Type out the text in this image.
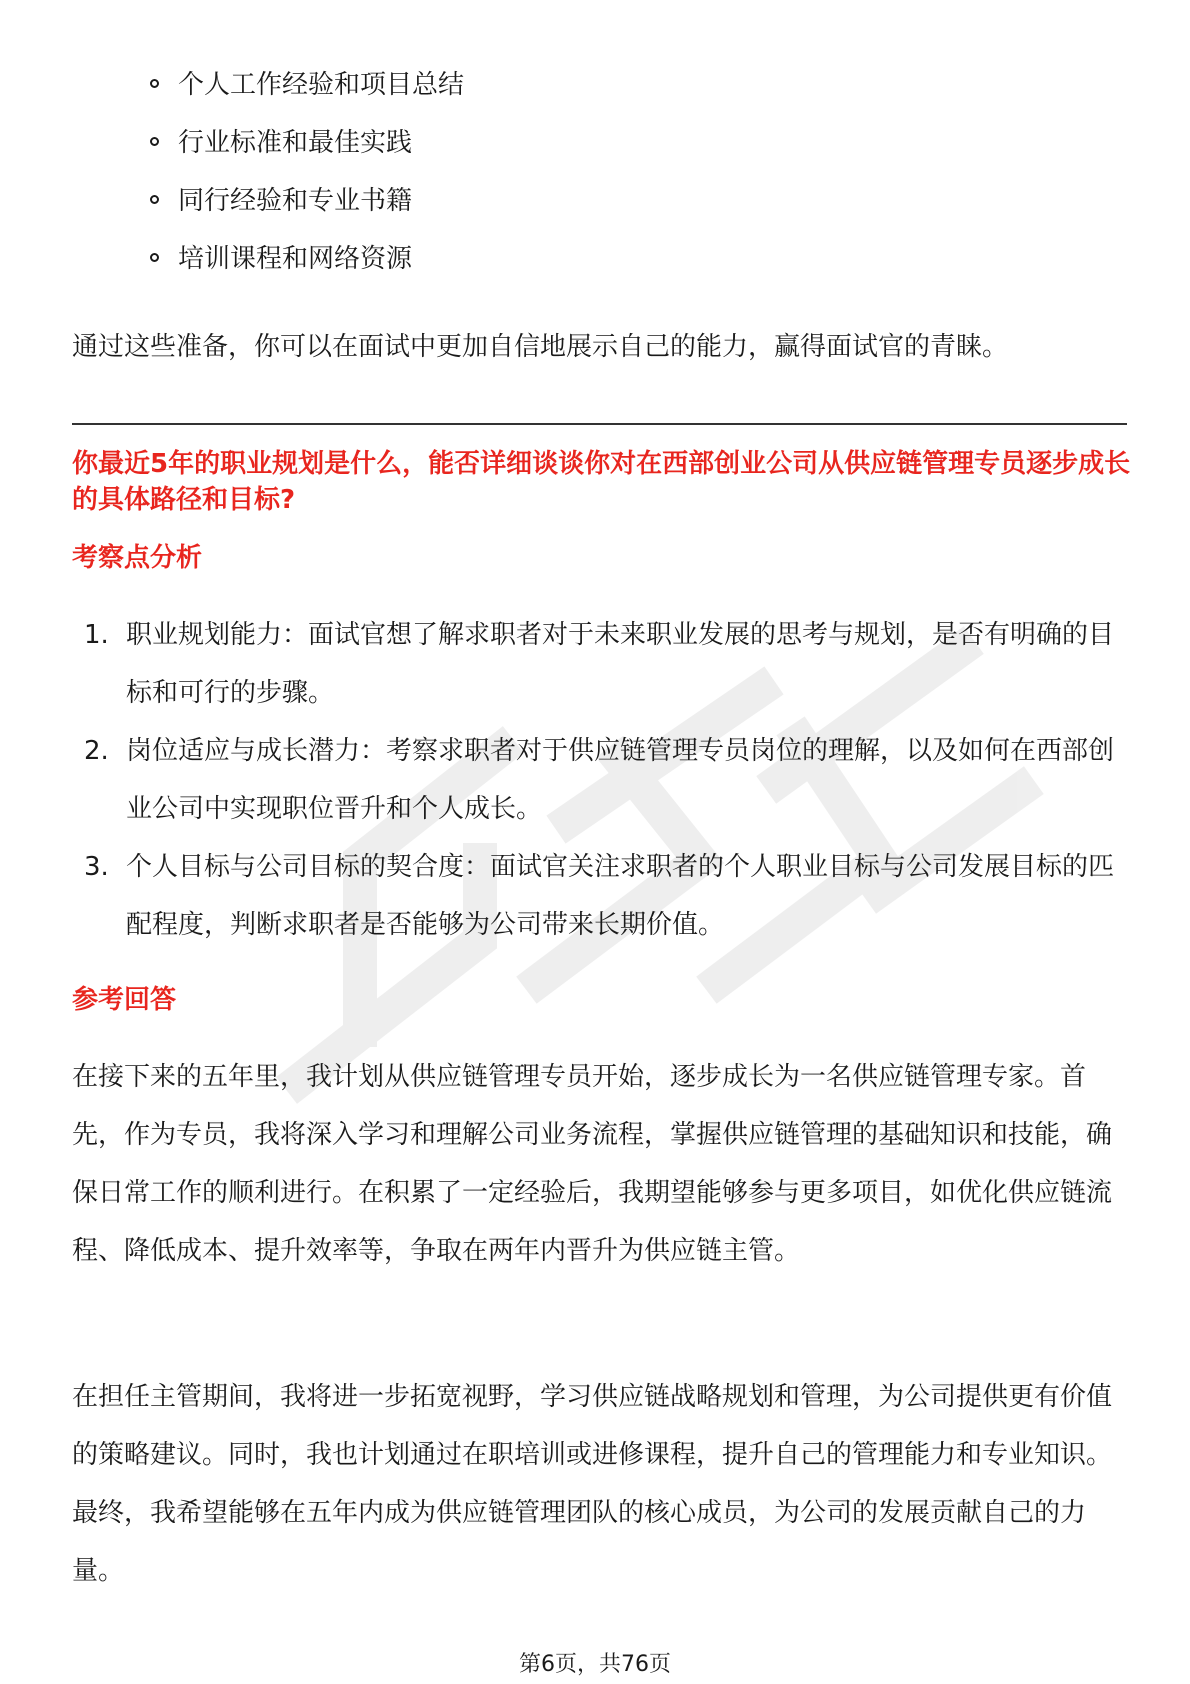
个人工作经验和项目总结
行业标准和最佳实践
同行经验和专业书籍
培训课程和网络资源

通过这些准备，你可以在面试中更加自信地展示自己的能力，赢得面试官的青睐。

你最近5年的职业规划是什么，能否详细谈谈你对在西部创业公司从供应链管理专员逐步成长的具体路径和目标?

考察点分析
1. 职业规划能力：面试官想了解求职者对于未来职业发展的思考与规划，是否有明确的目标和可行的步骤。
2. 岗位适应与成长潜力：考察求职者对于供应链管理专员岗位的理解，以及如何在西部创业公司中实现职位晋升和个人成长。
3. 个人目标与公司目标的契合度：面试官关注求职者的个人职业目标与公司发展目标的匹配程度，判断求职者是否能够为公司带来长期价值。
参考回答

在接下来的五年里，我计划从供应链管理专员开始，逐步成长为一名供应链管理专家。首先，作为专员，我将深入学习和理解公司业务流程，掌握供应链管理的基础知识和技能，确保日常工作的顺利进行。在积累了一定经验后，我期望能够参与更多项目，如优化供应链流程、降低成本、提升效率等，争取在两年内晋升为供应链主管。

在担任主管期间，我将进一步拓宽视野，学习供应链战略规划和管理，为公司提供更有价值的策略建议。同时，我也计划通过在职培训或进修课程，提升自己的管理能力和专业知识。最终，我希望能够在五年内成为供应链管理团队的核心成员，为公司的发展贡献自己的力量。

第6页，共76页
